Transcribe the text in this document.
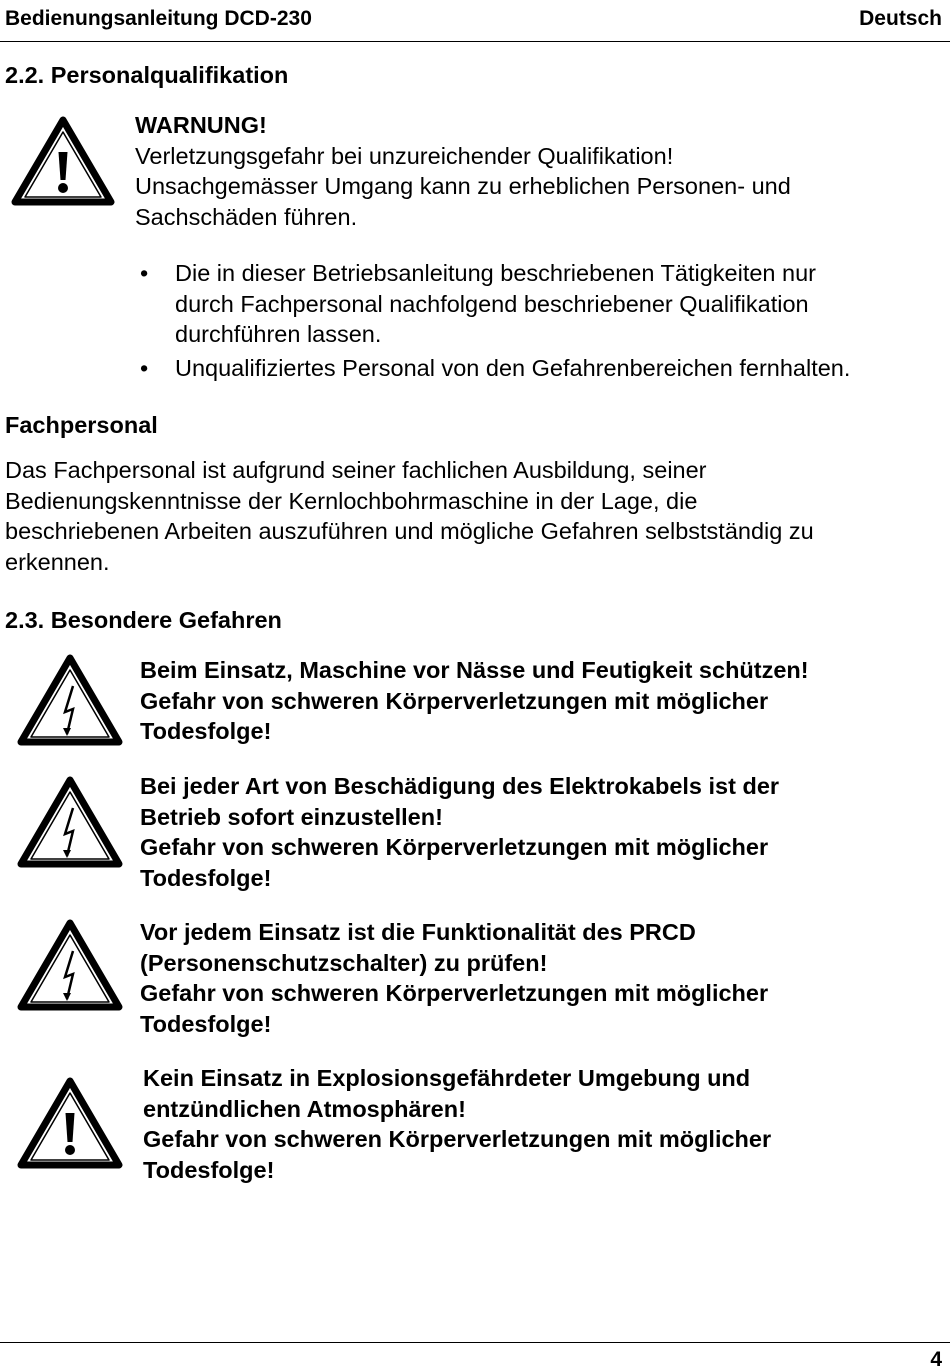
Bedienungsanleitung DCD-230	Deutsch
2.2. Personalqualifikation
WARNUNG!
Verletzungsgefahr bei unzureichender Qualifikation!
Unsachgemässer Umgang kann zu erheblichen Personen- und
Sachschäden führen.
• Die in dieser Betriebsanleitung beschriebenen Tätigkeiten nur
durch Fachpersonal nachfolgend beschriebener Qualifikation
durchführen lassen.
• Unqualifiziertes Personal von den Gefahrenbereichen fernhalten.
Fachpersonal
Das Fachpersonal ist aufgrund seiner fachlichen Ausbildung, seiner
Bedienungskenntnisse der Kernlochbohrmaschine in der Lage, die
beschriebenen Arbeiten auszuführen und mögliche Gefahren selbstständig zu
erkennen.
2.3. Besondere Gefahren
Beim Einsatz, Maschine vor Nässe und Feutigkeit schützen!
Gefahr von schweren Körperverletzungen mit möglicher
Todesfolge!
Bei jeder Art von Beschädigung des Elektrokabels ist der
Betrieb sofort einzustellen!
Gefahr von schweren Körperverletzungen mit möglicher
Todesfolge!
Vor jedem Einsatz ist die Funktionalität des PRCD
(Personenschutzschalter) zu prüfen!
Gefahr von schweren Körperverletzungen mit möglicher
Todesfolge!
Kein Einsatz in Explosionsgefährdeter Umgebung und
entzündlichen Atmosphären!
Gefahr von schweren Körperverletzungen mit möglicher
Todesfolge!
4
